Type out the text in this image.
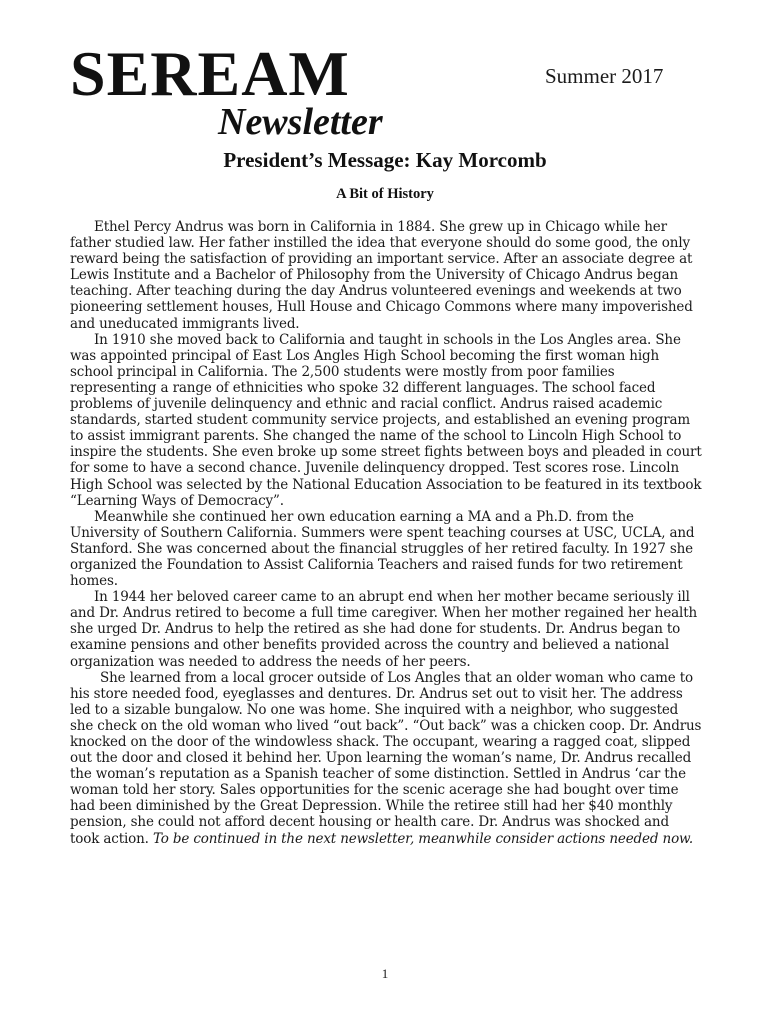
SEREAM	Summer 2017
Newsletter
President’s Message: Kay Morcomb
A Bit of History

Ethel Percy Andrus was born in California in 1884. She grew up in Chicago while her father studied law. Her father instilled the idea that everyone should do some good, the only reward being the satisfaction of providing an important service. After an associate degree at Lewis Institute and a Bachelor of Philosophy from the University of Chicago Andrus began teaching. After teaching during the day Andrus volunteered evenings and weekends at two pioneering settlement houses, Hull House and Chicago Commons where many impoverished and uneducated immigrants lived.

In 1910 she moved back to California and taught in schools in the Los Angles area. She was appointed principal of East Los Angles High School becoming the first woman high school principal in California. The 2,500 students were mostly from poor families representing a range of ethnicities who spoke 32 different languages. The school faced problems of juvenile delinquency and ethnic and racial conflict. Andrus raised academic standards, started student community service projects, and established an evening program to assist immigrant parents. She changed the name of the school to Lincoln High School to inspire the students. She even broke up some street fights between boys and pleaded in court for some to have a second chance. Juvenile delinquency dropped. Test scores rose. Lincoln High School was selected by the National Education Association to be featured in its textbook “Learning Ways of Democracy”.

Meanwhile she continued her own education earning a MA and a Ph.D. from the University of Southern California. Summers were spent teaching courses at USC, UCLA, and Stanford. She was concerned about the financial struggles of her retired faculty. In 1927 she organized the Foundation to Assist California Teachers and raised funds for two retirement homes.

In 1944 her beloved career came to an abrupt end when her mother became seriously ill and Dr. Andrus retired to become a full time caregiver. When her mother regained her health she urged Dr. Andrus to help the retired as she had done for students. Dr. Andrus began to examine pensions and other benefits provided across the country and believed a national organization was needed to address the needs of her peers.

She learned from a local grocer outside of Los Angles that an older woman who came to his store needed food, eyeglasses and dentures. Dr. Andrus set out to visit her. The address led to a sizable bungalow. No one was home. She inquired with a neighbor, who suggested she check on the old woman who lived “out back”. “Out back” was a chicken coop. Dr. Andrus knocked on the door of the windowless shack. The occupant, wearing a ragged coat, slipped out the door and closed it behind her. Upon learning the woman’s name, Dr. Andrus recalled the woman’s reputation as a Spanish teacher of some distinction. Settled in Andrus ‘car the woman told her story. Sales opportunities for the scenic acerage she had bought over time had been diminished by the Great Depression. While the retiree still had her $40 monthly pension, she could not afford decent housing or health care. Dr. Andrus was shocked and took action. To be continued in the next newsletter, meanwhile consider actions needed now.

1
